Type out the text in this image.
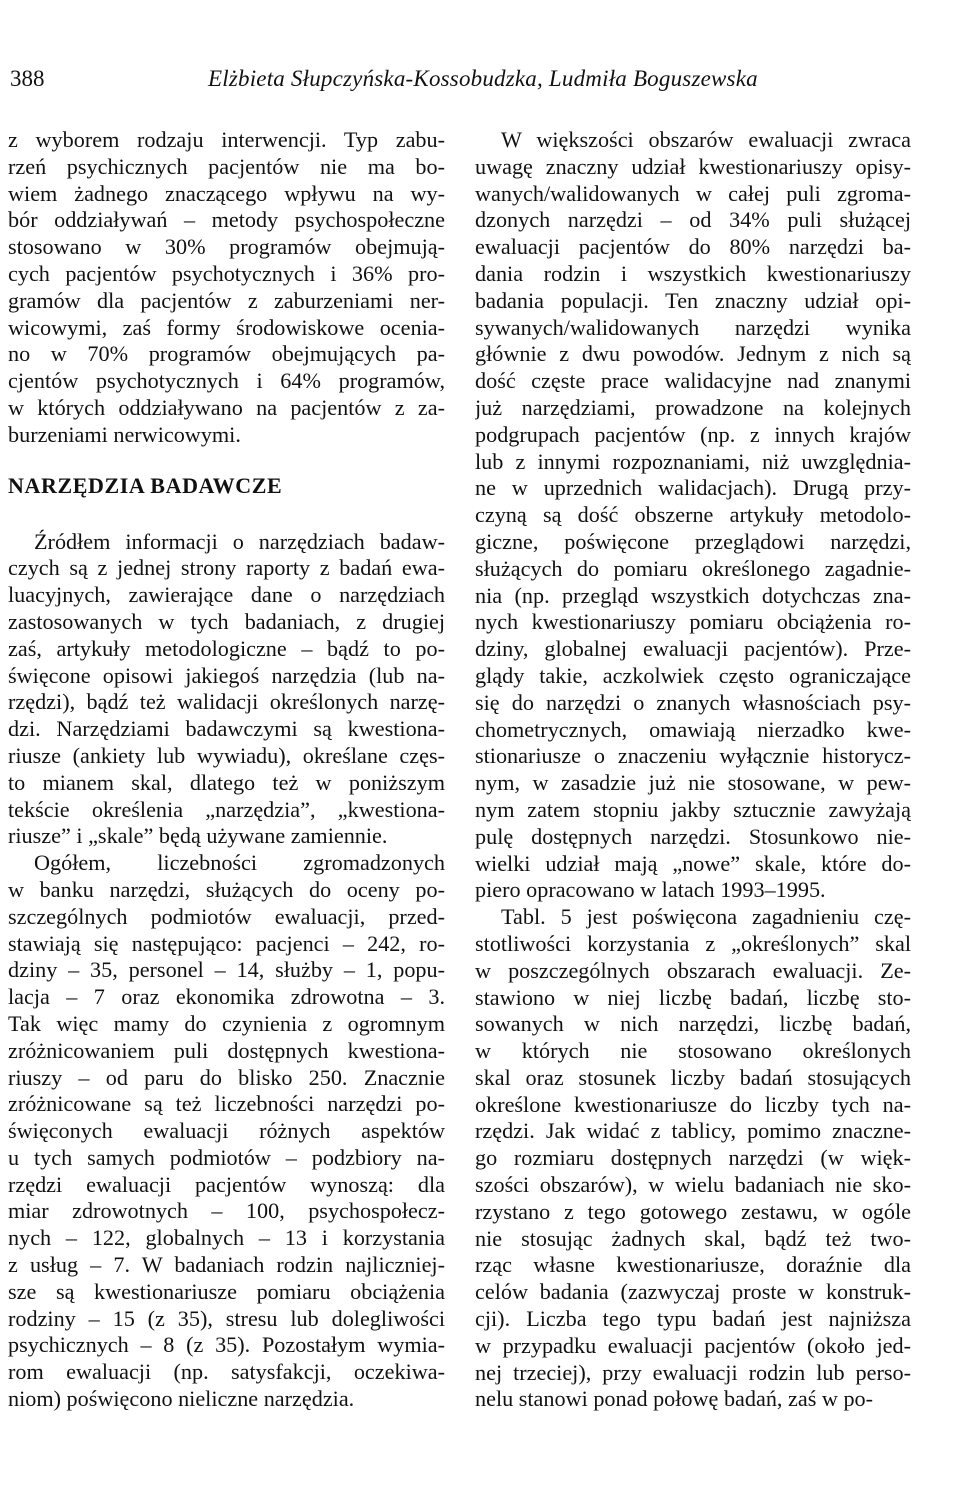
388	Elżbieta Słupczyńska-Kossobudzka, Ludmiła Boguszewska
z wyborem rodzaju interwencji. Typ zabu-
rzeń psychicznych pacjentów nie ma bo-
wiem żadnego znaczącego wpływu na wy-
bór oddziaływań – metody psychospołeczne
stosowano w 30% programów obejmują-
cych pacjentów psychotycznych i 36% pro-
gramów dla pacjentów z zaburzeniami ner-
wicowymi, zaś formy środowiskowe ocenia-
no w 70% programów obejmujących pa-
cjentów psychotycznych i 64% programów,
w których oddziaływano na pacjentów z za-
burzeniami nerwicowymi.
NARZĘDZIA BADAWCZE
Źródłem informacji o narzędziach badaw-
czych są z jednej strony raporty z badań ewa-
luacyjnych, zawierające dane o narzędziach
zastosowanych w tych badaniach, z drugiej
zaś, artykuły metodologiczne – bądź to po-
święcone opisowi jakiegoś narzędzia (lub na-
rzędzi), bądź też walidacji określonych narzę-
dzi. Narzędziami badawczymi są kwestiona-
riusze (ankiety lub wywiadu), określane częs-
to mianem skal, dlatego też w poniższym
tekście określenia „narzędzia”, „kwestiona-
riusze” i „skale” będą używane zamiennie.
Ogółem, liczebności zgromadzonych
w banku narzędzi, służących do oceny po-
szczególnych podmiotów ewaluacji, przed-
stawiają się następująco: pacjenci – 242, ro-
dziny – 35, personel – 14, służby – 1, popu-
lacja – 7 oraz ekonomika zdrowotna – 3.
Tak więc mamy do czynienia z ogromnym
zróżnicowaniem puli dostępnych kwestiona-
riuszy – od paru do blisko 250. Znacznie
zróżnicowane są też liczebności narzędzi po-
święconych ewaluacji różnych aspektów
u tych samych podmiotów – podzbiory na-
rzędzi ewaluacji pacjentów wynoszą: dla
miar zdrowotnych – 100, psychospołecz-
nych – 122, globalnych – 13 i korzystania
z usług – 7. W badaniach rodzin najliczniej-
sze są kwestionariusze pomiaru obciążenia
rodziny – 15 (z 35), stresu lub dolegliwości
psychicznych – 8 (z 35). Pozostałym wymia-
rom ewaluacji (np. satysfakcji, oczekiwa-
niom) poświęcono nieliczne narzędzia.
W większości obszarów ewaluacji zwraca
uwagę znaczny udział kwestionariuszy opisy-
wanych/walidowanych w całej puli zgroma-
dzonych narzędzi – od 34% puli służącej
ewaluacji pacjentów do 80% narzędzi ba-
dania rodzin i wszystkich kwestionariuszy
badania populacji. Ten znaczny udział opi-
sywanych/walidowanych narzędzi wynika
głównie z dwu powodów. Jednym z nich są
dość częste prace walidacyjne nad znanymi
już narzędziami, prowadzone na kolejnych
podgrupach pacjentów (np. z innych krajów
lub z innymi rozpoznaniami, niż uwzględnia-
ne w uprzednich walidacjach). Drugą przy-
czyną są dość obszerne artykuły metodolo-
giczne, poświęcone przeglądowi narzędzi,
służących do pomiaru określonego zagadnie-
nia (np. przegląd wszystkich dotychczas zna-
nych kwestionariuszy pomiaru obciążenia ro-
dziny, globalnej ewaluacji pacjentów). Prze-
glądy takie, aczkolwiek często ograniczające
się do narzędzi o znanych własnościach psy-
chometrycznych, omawiają nierzadko kwe-
stionariusze o znaczeniu wyłącznie historycz-
nym, w zasadzie już nie stosowane, w pew-
nym zatem stopniu jakby sztucznie zawyżają
pulę dostępnych narzędzi. Stosunkowo nie-
wielki udział mają „nowe” skale, które do-
piero opracowano w latach 1993–1995.
Tabl. 5 jest poświęcona zagadnieniu czę-
stotliwości korzystania z „określonych” skal
w poszczególnych obszarach ewaluacji. Ze-
stawiono w niej liczbę badań, liczbę sto-
sowanych w nich narzędzi, liczbę badań,
w których nie stosowano określonych
skal oraz stosunek liczby badań stosujących
określone kwestionariusze do liczby tych na-
rzędzi. Jak widać z tablicy, pomimo znaczne-
go rozmiaru dostępnych narzędzi (w więk-
szości obszarów), w wielu badaniach nie sko-
rzystano z tego gotowego zestawu, w ogóle
nie stosując żadnych skal, bądź też two-
rząc własne kwestionariusze, doraźnie dla
celów badania (zazwyczaj proste w konstruk-
cji). Liczba tego typu badań jest najniższa
w przypadku ewaluacji pacjentów (około jed-
nej trzeciej), przy ewaluacji rodzin lub perso-
nelu stanowi ponad połowę badań, zaś w po-
